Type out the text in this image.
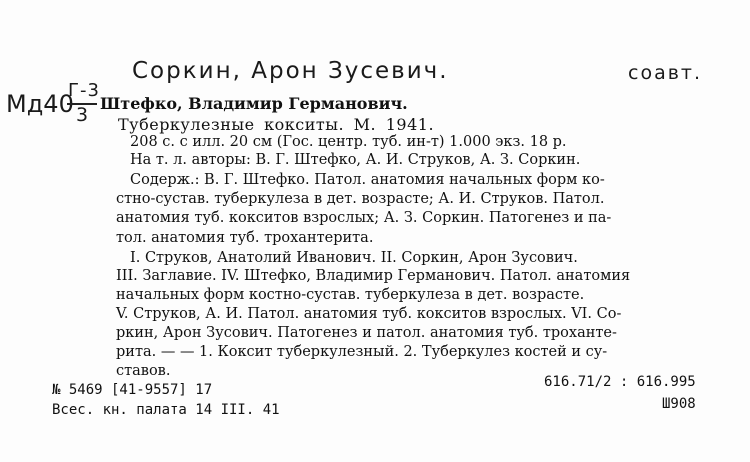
Соркин, Арон Зусевич.	соавт.
Мд40
Г-3
3
Штефко, Владимир Германович.
Туберкулезные кокситы. М. 1941.
208 с. с илл. 20 см (Гос. центр. туб. ин-т) 1.000 экз. 18 р.
На т. л. авторы: В. Г. Штефко, А. И. Струков, А. З. Соркин.
Содерж.: В. Г. Штефко. Патол. анатомия начальных форм ко-
стно-сустав. туберкулеза в дет. возрасте; А. И. Струков. Патол.
анатомия туб. кокситов взрослых; А. З. Соркин. Патогенез и па-
тол. анатомия туб. трохантерита.
I. Струков, Анатолий Иванович. II. Соркин, Арон Зусович.
III. Заглавие. IV. Штефко, Владимир Германович. Патол. анатомия
начальных форм костно-сустав. туберкулеза в дет. возрасте.
V. Струков, А. И. Патол. анатомия туб. кокситов взрослых. VI. Со-
ркин, Арон Зусович. Патогенез и патол. анатомия туб. трохантe-
рита. — — 1. Коксит туберкулезный. 2. Туберкулез костей и су-
ставов.
№ 5469 [41-9557] 17
Всес. кн. палата 14 III. 41
616.71/2 : 616.995
Ш908
